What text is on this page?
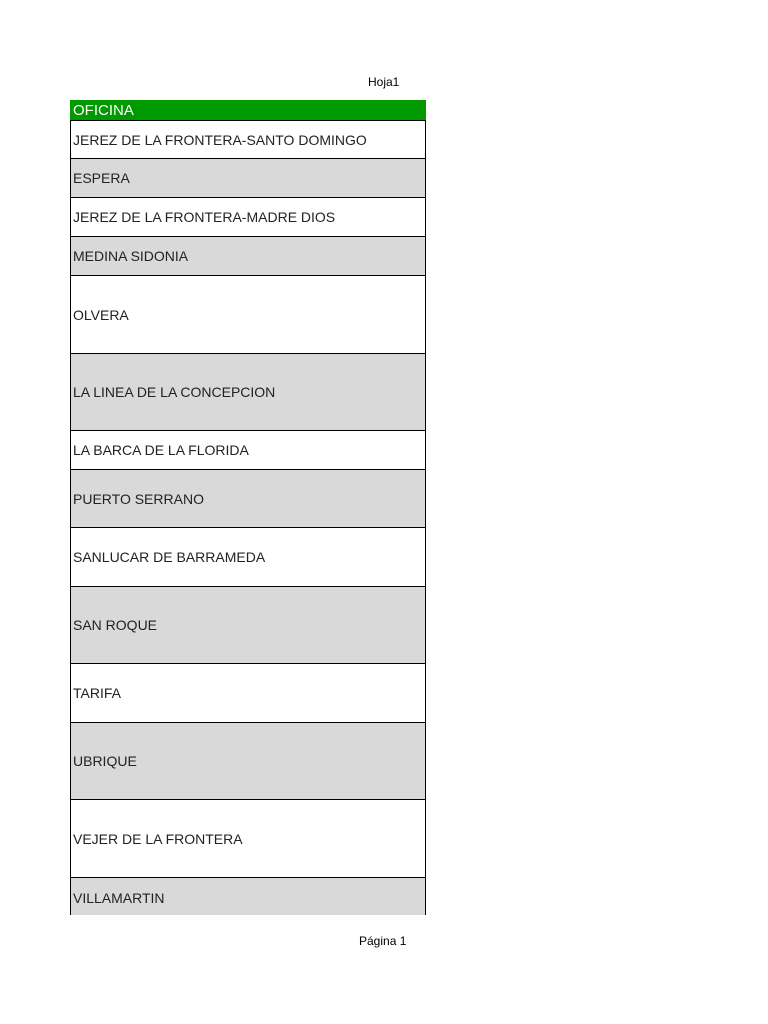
Hoja1
OFICINA
JEREZ DE LA FRONTERA-SANTO DOMINGO
ESPERA
JEREZ DE LA FRONTERA-MADRE DIOS
MEDINA SIDONIA
OLVERA
LA LINEA DE LA CONCEPCION
LA BARCA DE LA FLORIDA
PUERTO SERRANO
SANLUCAR DE BARRAMEDA
SAN ROQUE
TARIFA
UBRIQUE
VEJER DE LA FRONTERA
VILLAMARTIN
Página 1
